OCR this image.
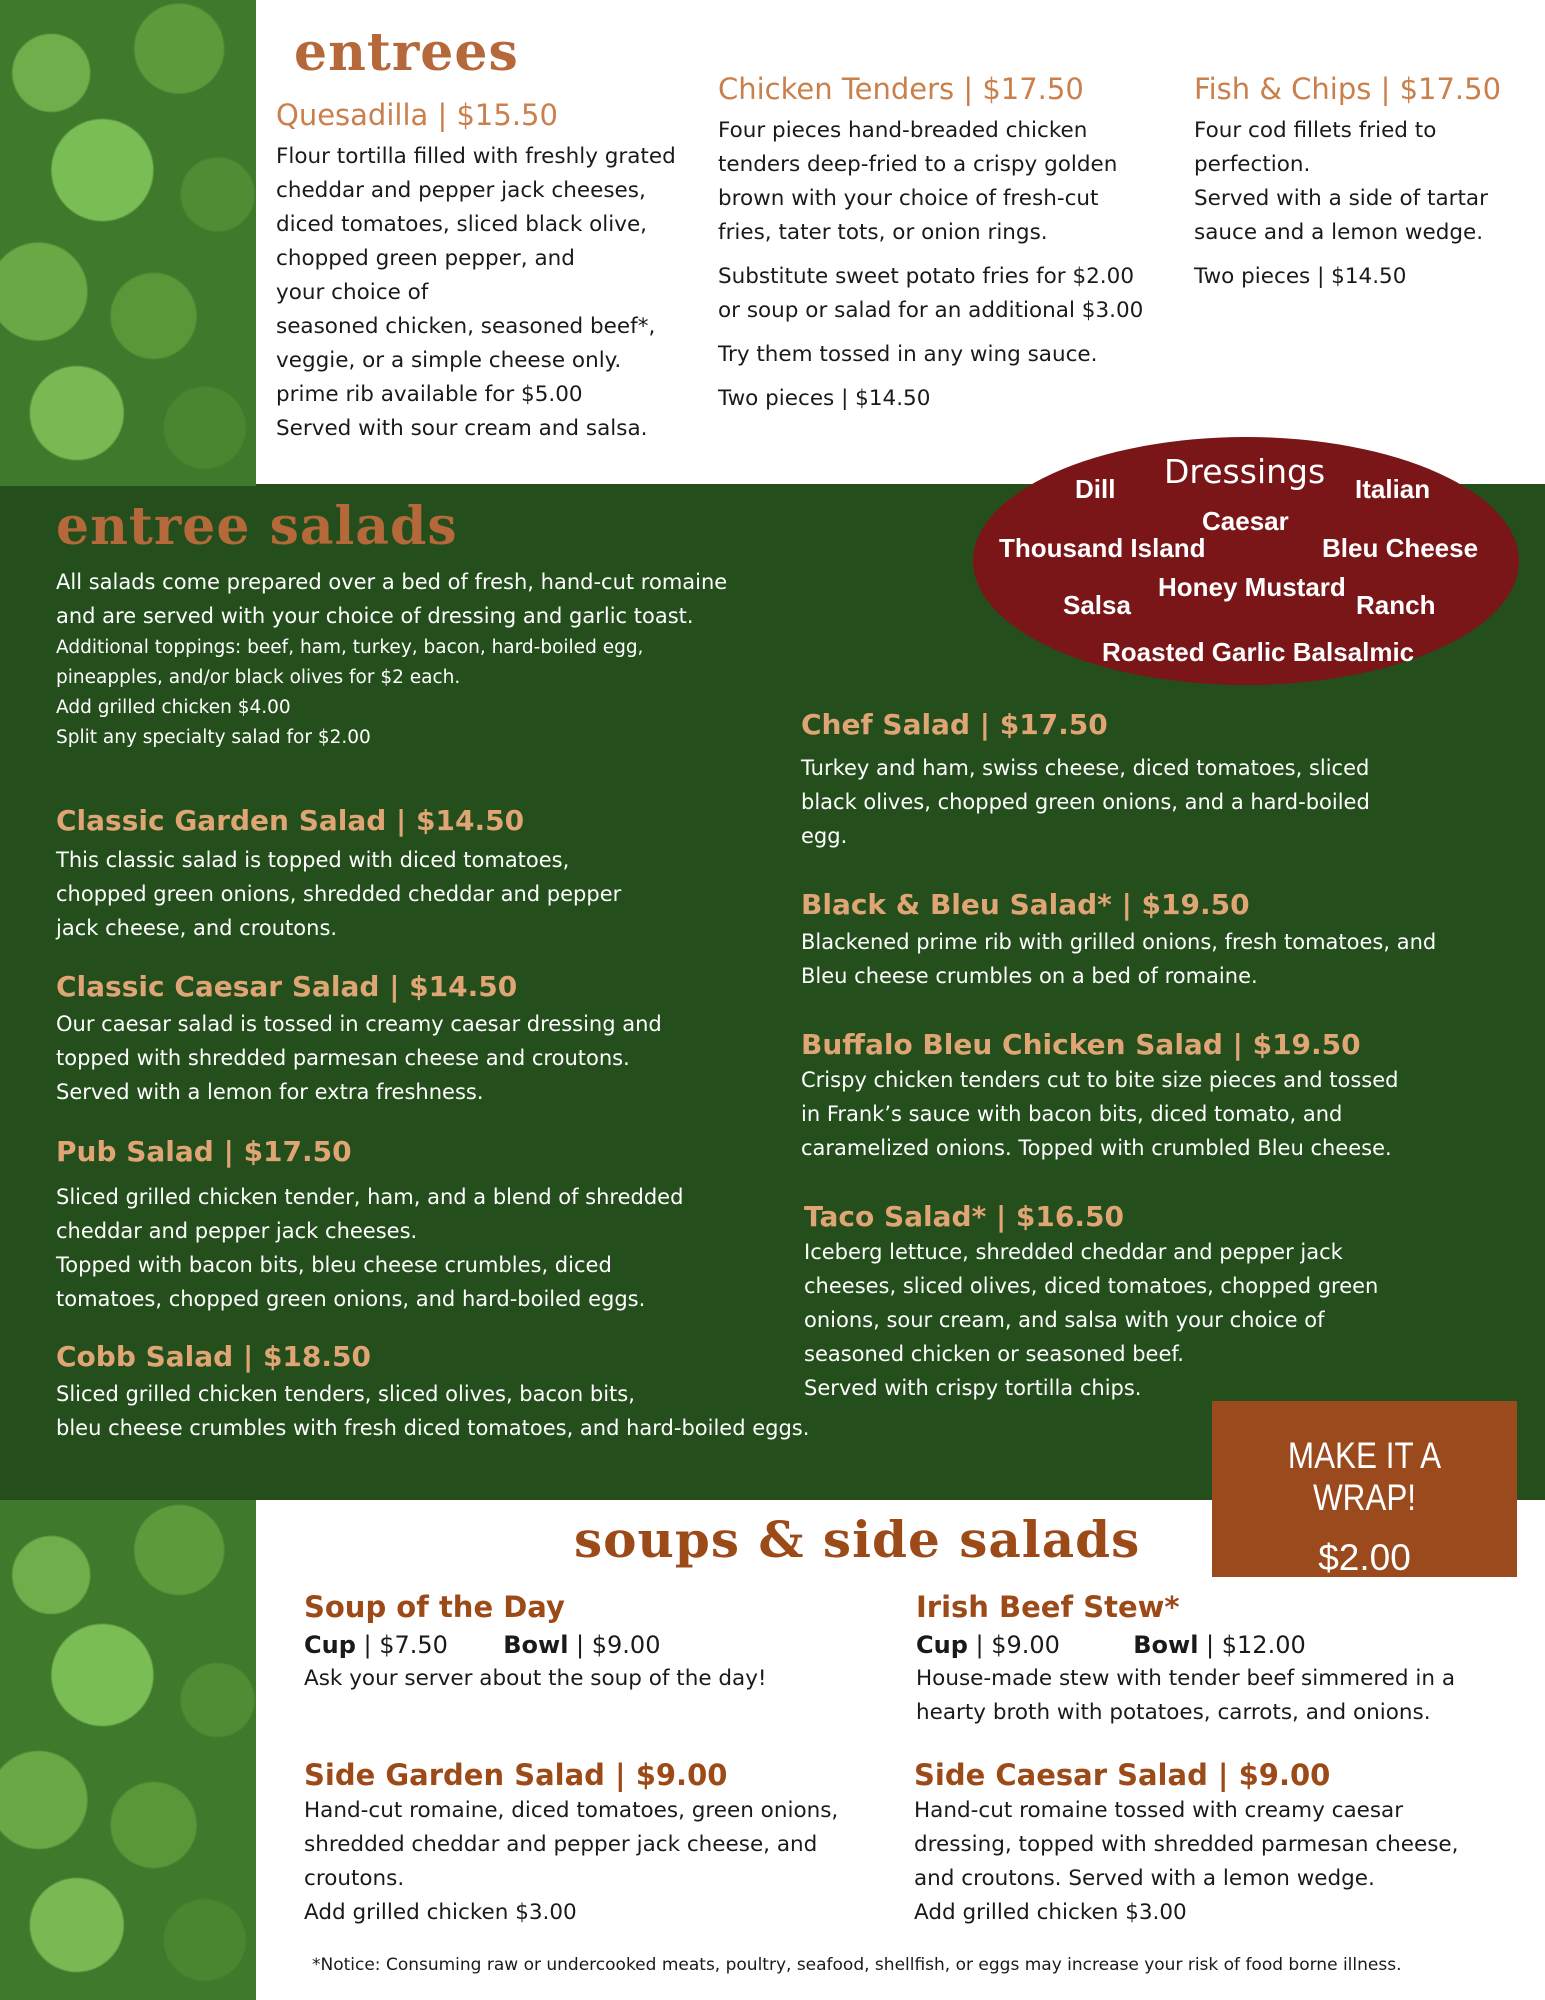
entrees
Quesadilla | $15.50

Flour tortilla filled with freshly grated
cheddar and pepper jack cheeses,
diced tomatoes, sliced black olive,
chopped green pepper, and
your choice of
seasoned chicken, seasoned beef*,
veggie, or a simple cheese only.
prime rib available for $5.00
Served with sour cream and salsa.

Chicken Tenders | $17.50

Four pieces hand-breaded chicken
tenders deep-fried to a crispy golden
brown with your choice of fresh-cut
fries, tater tots, or onion rings.

Substitute sweet potato fries for $2.00
or soup or salad for an additional $3.00

Try them tossed in any wing sauce.

Two pieces | $14.50

Fish & Chips | $17.50

Four cod fillets fried to
perfection.
Served with a side of tartar
sauce and a lemon wedge.

Two pieces | $14.50

Dressings
Dill	Italian
Caesar
Thousand Island	Bleu Cheese
Honey Mustard
Salsa	Ranch
Roasted Garlic Balsalmic
entree salads

All salads come prepared over a bed of fresh, hand-cut romaine
and are served with your choice of dressing and garlic toast.

Additional toppings: beef, ham, turkey, bacon, hard-boiled egg,
pineapples, and/or black olives for $2 each.
Add grilled chicken $4.00
Split any specialty salad for $2.00

Classic Garden Salad | $14.50

This classic salad is topped with diced tomatoes,
chopped green onions, shredded cheddar and pepper
jack cheese, and croutons.

Classic Caesar Salad | $14.50

Our caesar salad is tossed in creamy caesar dressing and
topped with shredded parmesan cheese and croutons.
Served with a lemon for extra freshness.

Pub Salad | $17.50

Sliced grilled chicken tender, ham, and a blend of shredded
cheddar and pepper jack cheeses.
Topped with bacon bits, bleu cheese crumbles, diced
tomatoes, chopped green onions, and hard-boiled eggs.

Cobb Salad | $18.50

Sliced grilled chicken tenders, sliced olives, bacon bits,
bleu cheese crumbles with fresh diced tomatoes, and hard-boiled eggs.

Chef Salad | $17.50

Turkey and ham, swiss cheese, diced tomatoes, sliced
black olives, chopped green onions, and a hard-boiled
egg.

Black & Bleu Salad* | $19.50

Blackened prime rib with grilled onions, fresh tomatoes, and
Bleu cheese crumbles on a bed of romaine.

Buffalo Bleu Chicken Salad | $19.50

Crispy chicken tenders cut to bite size pieces and tossed
in Frank’s sauce with bacon bits, diced tomato, and
caramelized onions. Topped with crumbled Bleu cheese.

Taco Salad* | $16.50

Iceberg lettuce, shredded cheddar and pepper jack
cheeses, sliced olives, diced tomatoes, chopped green
onions, sour cream, and salsa with your choice of
seasoned chicken or seasoned beef.
Served with crispy tortilla chips.

MAKE IT A WRAP!
$2.00
soups & side salads
Soup of the Day
Cup | $7.50 Bowl | $9.00

Ask your server about the soup of the day!

Irish Beef Stew*
Cup | $9.00	Bowl | $12.00

House-made stew with tender beef simmered in a
hearty broth with potatoes, carrots, and onions.

Side Garden Salad | $9.00

Hand-cut romaine, diced tomatoes, green onions,
shredded cheddar and pepper jack cheese, and
croutons.
Add grilled chicken $3.00

Side Caesar Salad | $9.00

Hand-cut romaine tossed with creamy caesar
dressing, topped with shredded parmesan cheese,
and croutons. Served with a lemon wedge.
Add grilled chicken $3.00

*Notice: Consuming raw or undercooked meats, poultry, seafood, shellfish, or eggs may increase your risk of food borne illness.
